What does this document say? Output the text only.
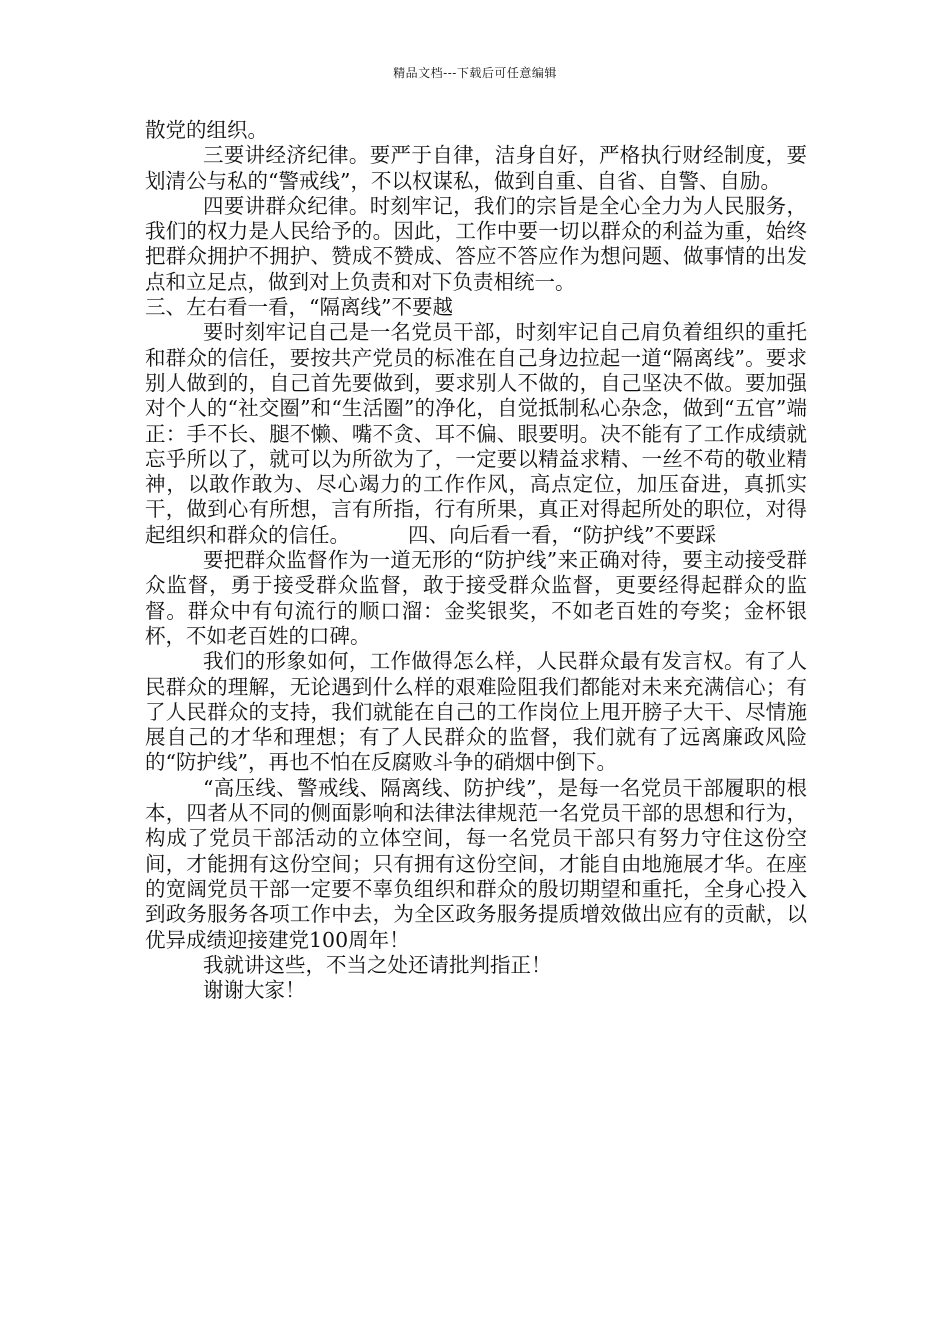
精品文档---下载后可任意编辑

散党的组织。

三要讲经济纪律。要严于自律，洁身自好，严格执行财经制度，要划清公与私的“警戒线”，不以权谋私，做到自重、自省、自警、自励。

四要讲群众纪律。时刻牢记，我们的宗旨是全心全力为人民服务，我们的权力是人民给予的。因此，工作中要一切以群众的利益为重，始终把群众拥护不拥护、赞成不赞成、答应不答应作为想问题、做事情的出发点和立足点，做到对上负责和对下负责相统一。

三、左右看一看，“隔离线”不要越

要时刻牢记自己是一名党员干部，时刻牢记自己肩负着组织的重托和群众的信任，要按共产党员的标准在自己身边拉起一道“隔离线”。要求别人做到的，自己首先要做到，要求别人不做的，自己坚决不做。要加强对个人的“社交圈”和“生活圈”的净化，自觉抵制私心杂念，做到“五官”端正：手不长、腿不懒、嘴不贪、耳不偏、眼要明。决不能有了工作成绩就忘乎所以了，就可以为所欲为了，一定要以精益求精、一丝不苟的敬业精神，以敢作敢为、尽心竭力的工作作风，高点定位，加压奋进，真抓实干，做到心有所想，言有所指，行有所果，真正对得起所处的职位，对得起组织和群众的信任。	四、向后看一看，“防护线”不要踩

要把群众监督作为一道无形的“防护线”来正确对待，要主动接受群众监督，勇于接受群众监督，敢于接受群众监督，更要经得起群众的监督。群众中有句流行的顺口溜：金奖银奖，不如老百姓的夸奖；金杯银杯，不如老百姓的口碑。

我们的形象如何，工作做得怎么样，人民群众最有发言权。有了人民群众的理解，无论遇到什么样的艰难险阻我们都能对未来充满信心；有了人民群众的支持，我们就能在自己的工作岗位上甩开膀子大干、尽情施展自己的才华和理想；有了人民群众的监督，我们就有了远离廉政风险的“防护线”，再也不怕在反腐败斗争的硝烟中倒下。

“高压线、警戒线、隔离线、防护线”，是每一名党员干部履职的根本，四者从不同的侧面影响和法律法律规范一名党员干部的思想和行为，构成了党员干部活动的立体空间，每一名党员干部只有努力守住这份空间，才能拥有这份空间；只有拥有这份空间，才能自由地施展才华。在座的宽阔党员干部一定要不辜负组织和群众的殷切期望和重托，全身心投入到政务服务各项工作中去，为全区政务服务提质增效做出应有的贡献，以优异成绩迎接建党100周年！

我就讲这些，不当之处还请批判指正！

谢谢大家！
